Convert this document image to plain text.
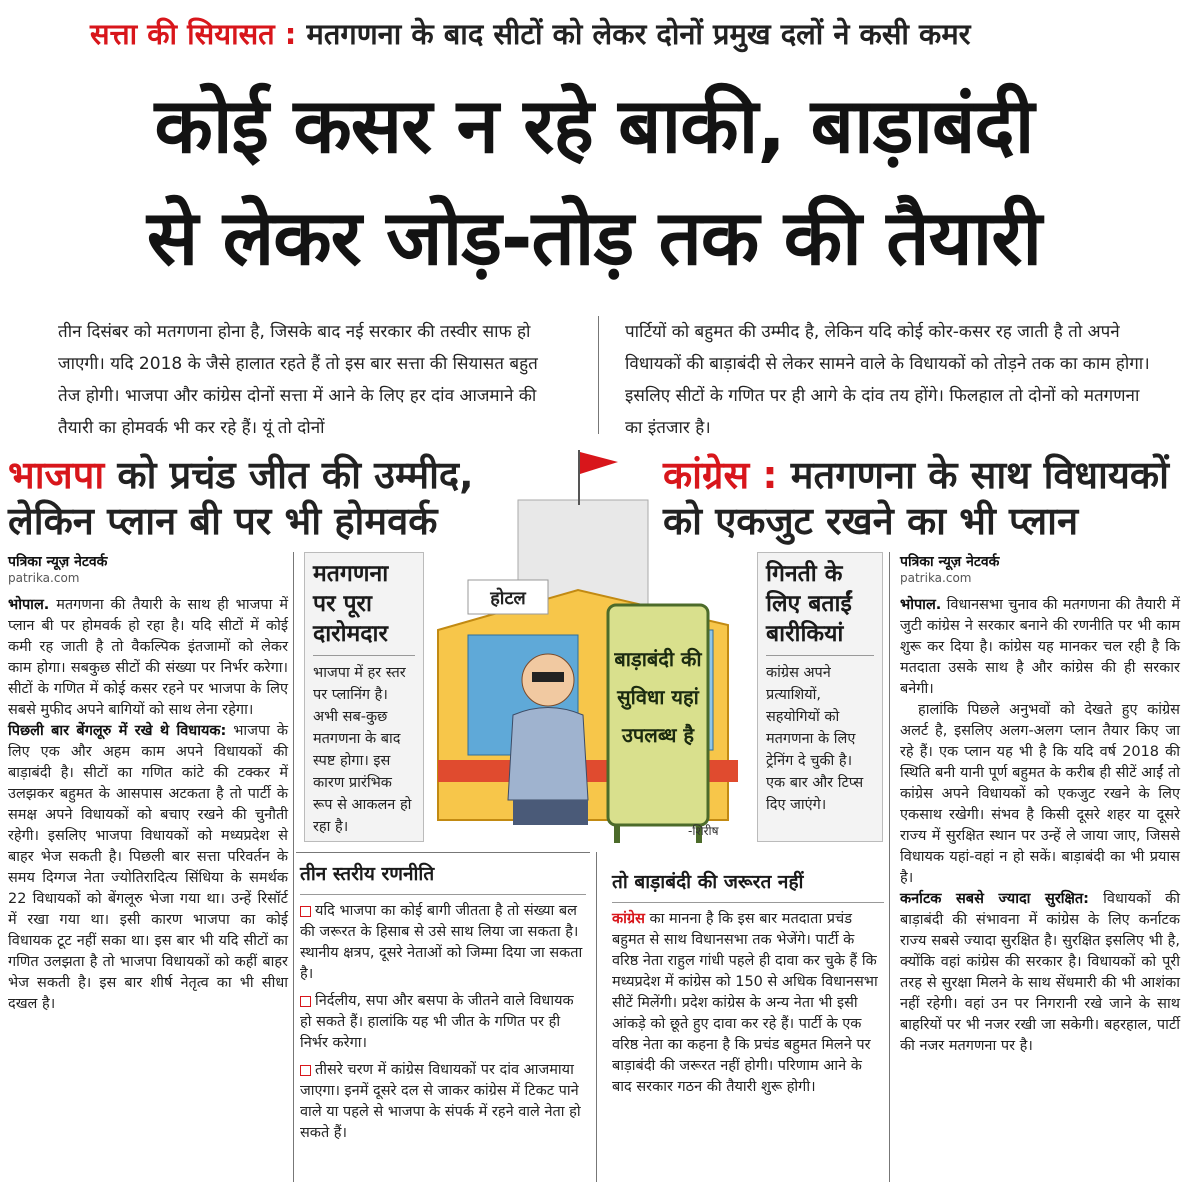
सत्ता की सियासत : मतगणना के बाद सीटों को लेकर दोनों प्रमुख दलों ने कसी कमर
कोई कसर न रहे बाकी, बाड़ाबंदी
से लेकर जोड़-तोड़ तक की तैयारी
तीन दिसंबर को मतगणना होना है, जिसके बाद नई सरकार की तस्वीर साफ हो जाएगी। यदि 2018 के जैसे हालात रहते हैं तो इस बार सत्ता की सियासत बहुत तेज होगी। भाजपा और कांग्रेस दोनों सत्ता में आने के लिए हर दांव आजमाने की तैयारी का होमवर्क भी कर रहे हैं। यूं तो दोनों
पार्टियों को बहुमत की उम्मीद है, लेकिन यदि कोई कोर-कसर रह जाती है तो अपने विधायकों की बाड़ाबंदी से लेकर सामने वाले के विधायकों को तोड़ने तक का काम होगा। इसलिए सीटों के गणित पर ही आगे के दांव तय होंगे। फिलहाल तो दोनों को मतगणना का इंतजार है।
भाजपा को प्रचंड जीत की उम्मीद,
लेकिन प्लान बी पर भी होमवर्क
कांग्रेस : मतगणना के साथ विधायकों
को एकजुट रखने का भी प्लान
पत्रिका न्यूज़ नेटवर्क
patrika.com
भोपाल. मतगणना की तैयारी के साथ ही भाजपा में प्लान बी पर होमवर्क हो रहा है। यदि सीटों में कोई कमी रह जाती है तो वैकल्पिक इंतजामों को लेकर काम होगा। सबकुछ सीटों की संख्या पर निर्भर करेगा। सीटों के गणित में कोई कसर रहने पर भाजपा के लिए सबसे मुफीद अपने बागियों को साथ लेना रहेगा।
पिछली बार बेंगलूरु में रखे थे विधायक: भाजपा के लिए एक और अहम काम अपने विधायकों की बाड़ाबंदी है। सीटों का गणित कांटे की टक्कर में उलझकर बहुमत के आसपास अटकता है तो पार्टी के समक्ष अपने विधायकों को बचाए रखने की चुनौती रहेगी। इसलिए भाजपा विधायकों को मध्यप्रदेश से बाहर भेज सकती है। पिछली बार सत्ता परिवर्तन के समय दिग्गज नेता ज्योतिरादित्य सिंधिया के समर्थक 22 विधायकों को बेंगलूरु भेजा गया था। उन्हें रिसॉर्ट में रखा गया था। इसी कारण भाजपा का कोई विधायक टूट नहीं सका था। इस बार भी यदि सीटों का गणित उलझता है तो भाजपा विधायकों को कहीं बाहर भेज सकती है। इस बार शीर्ष नेतृत्व का भी सीधा दखल है।
मतगणना पर पूरा दारोमदार
भाजपा में हर स्तर पर प्लानिंग है। अभी सब-कुछ मतगणना के बाद स्पष्ट होगा। इस कारण प्रारंभिक रूप से आकलन हो रहा है।
गिनती के लिए बताईं बारीकियां
कांग्रेस अपने प्रत्याशियों, सहयोगियों को मतगणना के लिए ट्रेनिंग दे चुकी है। एक बार और टिप्स दिए जाएंगे।
होटल
बाड़ाबंदी की सुविधा यहां उपलब्ध है
-शिरीष
तीन स्तरीय रणनीति
यदि भाजपा का कोई बागी जीतता है तो संख्या बल की जरूरत के हिसाब से उसे साथ लिया जा सकता है। स्थानीय क्षत्रप, दूसरे नेताओं को जिम्मा दिया जा सकता है।
निर्दलीय, सपा और बसपा के जीतने वाले विधायक हो सकते हैं। हालांकि यह भी जीत के गणित पर ही निर्भर करेगा।
तीसरे चरण में कांग्रेस विधायकों पर दांव आजमाया जाएगा। इनमें दूसरे दल से जाकर कांग्रेस में टिकट पाने वाले या पहले से भाजपा के संपर्क में रहने वाले नेता हो सकते हैं।
तो बाड़ाबंदी की जरूरत नहीं
कांग्रेस का मानना है कि इस बार मतदाता प्रचंड बहुमत से साथ विधानसभा तक भेजेंगे। पार्टी के वरिष्ठ नेता राहुल गांधी पहले ही दावा कर चुके हैं कि मध्यप्रदेश में कांग्रेस को 150 से अधिक विधानसभा सीटें मिलेंगी। प्रदेश कांग्रेस के अन्य नेता भी इसी आंकड़े को छूते हुए दावा कर रहे हैं। पार्टी के एक वरिष्ठ नेता का कहना है कि प्रचंड बहुमत मिलने पर बाड़ाबंदी की जरूरत नहीं होगी। परिणाम आने के बाद सरकार गठन की तैयारी शुरू होगी।
पत्रिका न्यूज़ नेटवर्क
patrika.com
भोपाल. विधानसभा चुनाव की मतगणना की तैयारी में जुटी कांग्रेस ने सरकार बनाने की रणनीति पर भी काम शुरू कर दिया है। कांग्रेस यह मानकर चल रही है कि मतदाता उसके साथ है और कांग्रेस की ही सरकार बनेगी।
हालांकि पिछले अनुभवों को देखते हुए कांग्रेस अलर्ट है, इसलिए अलग-अलग प्लान तैयार किए जा रहे हैं। एक प्लान यह भी है कि यदि वर्ष 2018 की स्थिति बनी यानी पूर्ण बहुमत के करीब ही सीटें आईं तो कांग्रेस अपने विधायकों को एकजुट रखने के लिए एकसाथ रखेगी। संभव है किसी दूसरे शहर या दूसरे राज्य में सुरक्षित स्थान पर उन्हें ले जाया जाए, जिससे विधायक यहां-वहां न हो सकें। बाड़ाबंदी का भी प्रयास है।
कर्नाटक सबसे ज्यादा सुरक्षित: विधायकों की बाड़ाबंदी की संभावना में कांग्रेस के लिए कर्नाटक राज्य सबसे ज्यादा सुरक्षित है। सुरक्षित इसलिए भी है, क्योंकि वहां कांग्रेस की सरकार है। विधायकों को पूरी तरह से सुरक्षा मिलने के साथ सेंधमारी की भी आशंका नहीं रहेगी। वहां उन पर निगरानी रखे जाने के साथ बाहरियों पर भी नजर रखी जा सकेगी। बहरहाल, पार्टी की नजर मतगणना पर है।
